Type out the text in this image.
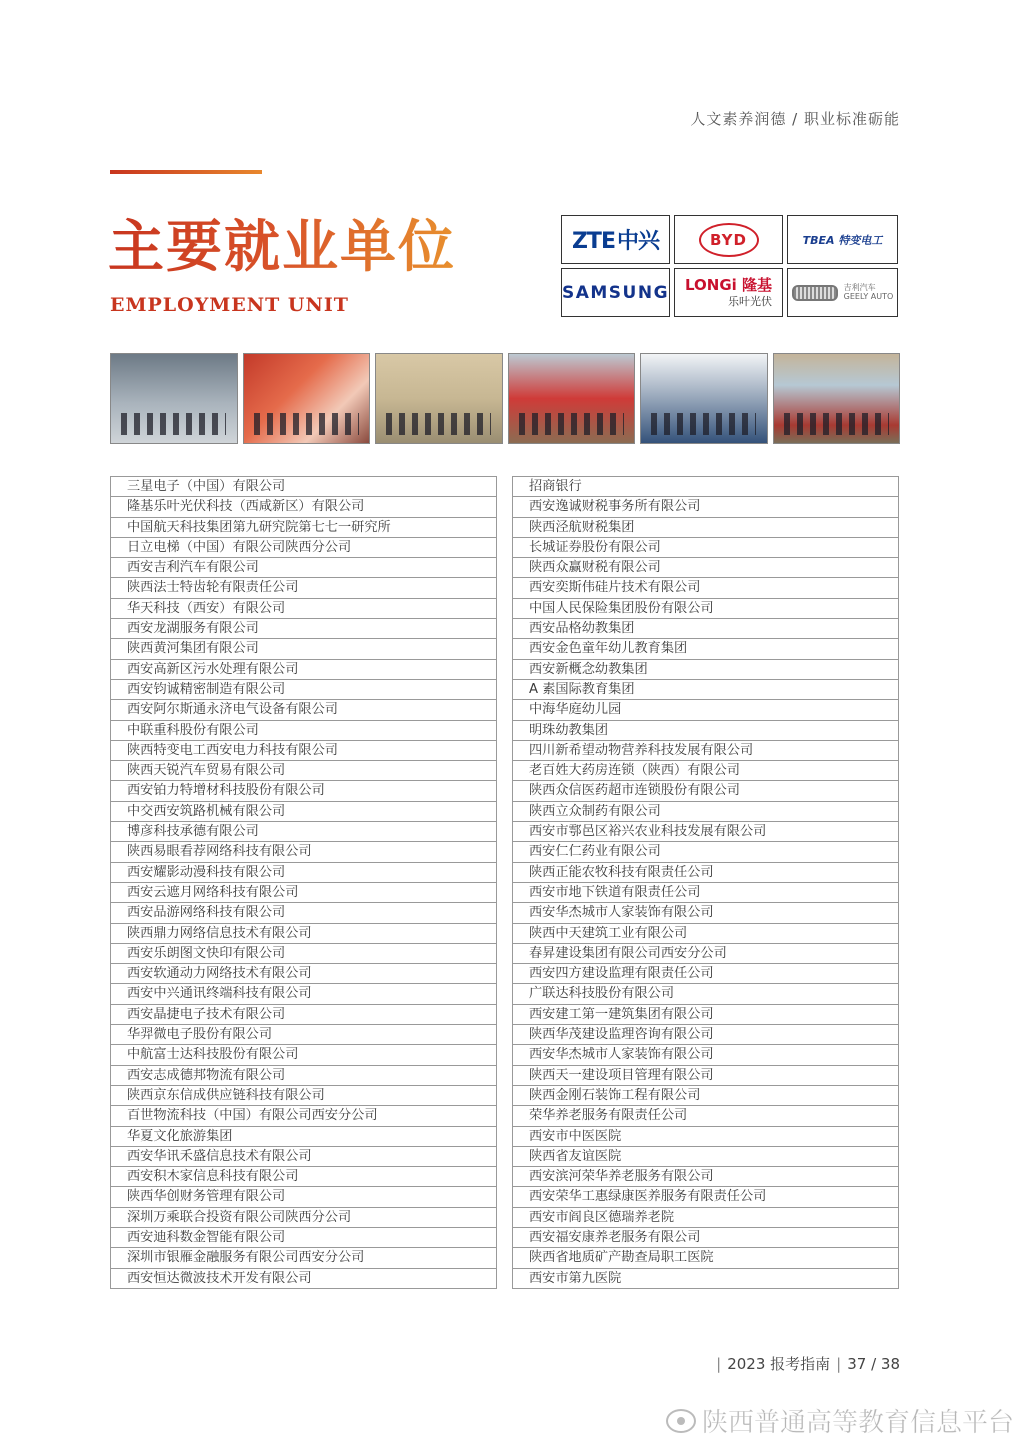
人文素养润德 / 职业标准砺能
主要就业单位
EMPLOYMENT UNIT
ZTE中兴	BYD	TBEA 特变电工
SAMSUNG LONGi 隆基
乐叶光伏
吉利汽车
GEELY AUTO
三星电子（中国）有限公司
隆基乐叶光伏科技（西咸新区）有限公司
中国航天科技集团第九研究院第七七一研究所
日立电梯（中国）有限公司陕西分公司
西安吉利汽车有限公司
陕西法士特齿轮有限责任公司
华天科技（西安）有限公司
西安龙湖服务有限公司
陕西黄河集团有限公司
西安高新区污水处理有限公司
西安钧诚精密制造有限公司
西安阿尔斯通永济电气设备有限公司
中联重科股份有限公司
陕西特变电工西安电力科技有限公司
陕西天锐汽车贸易有限公司
西安铂力特增材科技股份有限公司
中交西安筑路机械有限公司
博彦科技承德有限公司
陕西易眼看荐网络科技有限公司
西安耀影动漫科技有限公司
西安云遮月网络科技有限公司
西安品游网络科技有限公司
陕西鼎力网络信息技术有限公司
西安乐朗图文快印有限公司
西安软通动力网络技术有限公司
西安中兴通讯终端科技有限公司
西安晶捷电子技术有限公司
华羿微电子股份有限公司
中航富士达科技股份有限公司
西安志成德邦物流有限公司
陕西京东信成供应链科技有限公司
百世物流科技（中国）有限公司西安分公司
华夏文化旅游集团
西安华讯禾盛信息技术有限公司
西安积木家信息科技有限公司
陕西华创财务管理有限公司
深圳万乘联合投资有限公司陕西分公司
西安迪科数金智能有限公司
深圳市银雁金融服务有限公司西安分公司
西安恒达微波技术开发有限公司
招商银行
西安逸诚财税事务所有限公司
陕西泾航财税集团
长城证券股份有限公司
陕西众赢财税有限公司
西安奕斯伟硅片技术有限公司
中国人民保险集团股份有限公司
西安品格幼教集团
西安金色童年幼儿教育集团
西安新概念幼教集团
A 素国际教育集团
中海华庭幼儿园
明珠幼教集团
四川新希望动物营养科技发展有限公司
老百姓大药房连锁（陕西）有限公司
陕西众信医药超市连锁股份有限公司
陕西立众制药有限公司
西安市鄠邑区裕兴农业科技发展有限公司
西安仁仁药业有限公司
陕西正能农牧科技有限责任公司
西安市地下铁道有限责任公司
西安华杰城市人家装饰有限公司
陕西中天建筑工业有限公司
春昇建设集团有限公司西安分公司
西安四方建设监理有限责任公司
广联达科技股份有限公司
西安建工第一建筑集团有限公司
陕西华茂建设监理咨询有限公司
西安华杰城市人家装饰有限公司
陕西天一建设项目管理有限公司
陕西金刚石装饰工程有限公司
荣华养老服务有限责任公司
西安市中医医院
陕西省友谊医院
西安滨河荣华养老服务有限公司
西安荣华工惠绿康医养服务有限责任公司
西安市阎良区德瑞养老院
西安福安康养老服务有限公司
陕西省地质矿产勘查局职工医院
西安市第九医院
| 2023 报考指南 | 37 / 38
陕西普通高等教育信息平台
